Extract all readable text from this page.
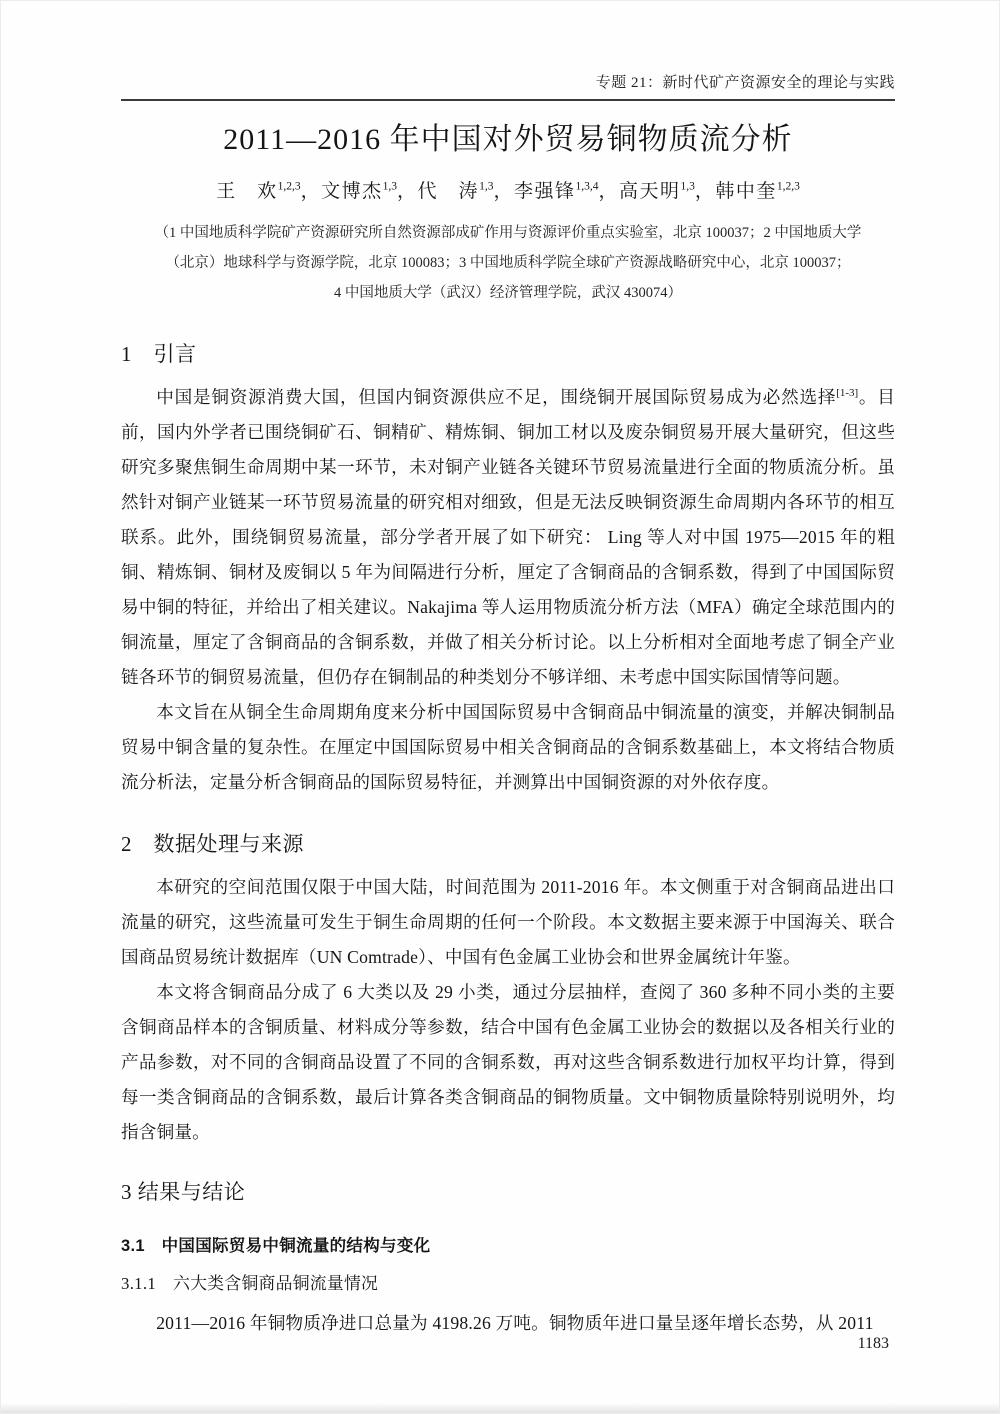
专题 21：新时代矿产资源安全的理论与实践
2011—2016 年中国对外贸易铜物质流分析
王　欢$^{1,2,3}$，文博杰$^{1,3}$，代　涛$^{1,3}$，李强锋$^{1,3,4}$，高天明$^{1,3}$，韩中奎$^{1,2,3}$
（1 中国地质科学院矿产资源研究所自然资源部成矿作用与资源评价重点实验室，北京 100037；2 中国地质大学
（北京）地球科学与资源学院，北京 100083；3 中国地质科学院全球矿产资源战略研究中心，北京 100037；
4 中国地质大学（武汉）经济管理学院，武汉 430074）
1　引言

中国是铜资源消费大国，但国内铜资源供应不足，围绕铜开展国际贸易成为必然选择[1-3]。目前，国内外学者已围绕铜矿石、铜精矿、精炼铜、铜加工材以及废杂铜贸易开展大量研究，但这些研究多聚焦铜生命周期中某一环节，未对铜产业链各关键环节贸易流量进行全面的物质流分析。虽然针对铜产业链某一环节贸易流量的研究相对细致，但是无法反映铜资源生命周期内各环节的相互联系。此外，围绕铜贸易流量，部分学者开展了如下研究： Ling 等人对中国 1975—2015 年的粗铜、精炼铜、铜材及废铜以 5 年为间隔进行分析，厘定了含铜商品的含铜系数，得到了中国国际贸易中铜的特征，并给出了相关建议。Nakajima 等人运用物质流分析方法（MFA）确定全球范围内的铜流量，厘定了含铜商品的含铜系数，并做了相关分析讨论。以上分析相对全面地考虑了铜全产业链各环节的铜贸易流量，但仍存在铜制品的种类划分不够详细、未考虑中国实际国情等问题。

本文旨在从铜全生命周期角度来分析中国国际贸易中含铜商品中铜流量的演变，并解决铜制品贸易中铜含量的复杂性。在厘定中国国际贸易中相关含铜商品的含铜系数基础上，本文将结合物质流分析法，定量分析含铜商品的国际贸易特征，并测算出中国铜资源的对外依存度。

2　数据处理与来源

本研究的空间范围仅限于中国大陆，时间范围为 2011-2016 年。本文侧重于对含铜商品进出口流量的研究，这些流量可发生于铜生命周期的任何一个阶段。本文数据主要来源于中国海关、联合国商品贸易统计数据库（UN Comtrade）、中国有色金属工业协会和世界金属统计年鉴。

本文将含铜商品分成了 6 大类以及 29 小类，通过分层抽样，查阅了 360 多种不同小类的主要含铜商品样本的含铜质量、材料成分等参数，结合中国有色金属工业协会的数据以及各相关行业的产品参数，对不同的含铜商品设置了不同的含铜系数，再对这些含铜系数进行加权平均计算，得到每一类含铜商品的含铜系数，最后计算各类含铜商品的铜物质量。文中铜物质量除特别说明外，均指含铜量。

3 结果与结论
3.1　中国国际贸易中铜流量的结构与变化
3.1.1　六大类含铜商品铜流量情况

2011—2016 年铜物质净进口总量为 4198.26 万吨。铜物质年进口量呈逐年增长态势，从 2011

1183
